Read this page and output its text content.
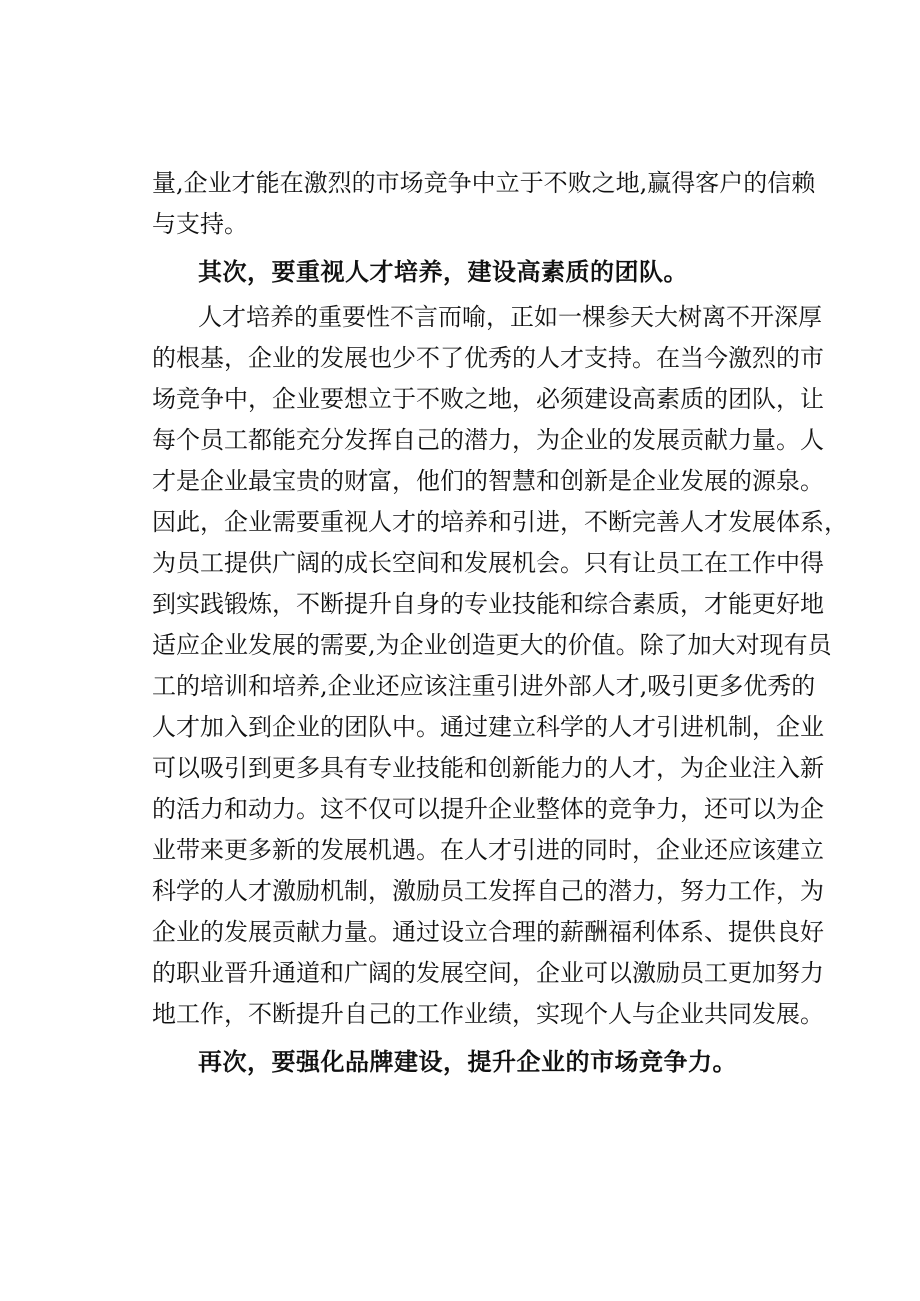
量,企业才能在激烈的市场竞争中立于不败之地,赢得客户的信赖
与支持。
其次，要重视人才培养，建设高素质的团队。
人才培养的重要性不言而喻，正如一棵参天大树离不开深厚
的根基，企业的发展也少不了优秀的人才支持。在当今激烈的市
场竞争中，企业要想立于不败之地，必须建设高素质的团队，让
每个员工都能充分发挥自己的潜力，为企业的发展贡献力量。人
才是企业最宝贵的财富，他们的智慧和创新是企业发展的源泉。
因此，企业需要重视人才的培养和引进，不断完善人才发展体系，
为员工提供广阔的成长空间和发展机会。只有让员工在工作中得
到实践锻炼，不断提升自身的专业技能和综合素质，才能更好地
适应企业发展的需要,为企业创造更大的价值。除了加大对现有员
工的培训和培养,企业还应该注重引进外部人才,吸引更多优秀的
人才加入到企业的团队中。通过建立科学的人才引进机制，企业
可以吸引到更多具有专业技能和创新能力的人才，为企业注入新
的活力和动力。这不仅可以提升企业整体的竞争力，还可以为企
业带来更多新的发展机遇。在人才引进的同时，企业还应该建立
科学的人才激励机制，激励员工发挥自己的潜力，努力工作，为
企业的发展贡献力量。通过设立合理的薪酬福利体系、提供良好
的职业晋升通道和广阔的发展空间，企业可以激励员工更加努力
地工作，不断提升自己的工作业绩，实现个人与企业共同发展。
再次，要强化品牌建设，提升企业的市场竞争力。
